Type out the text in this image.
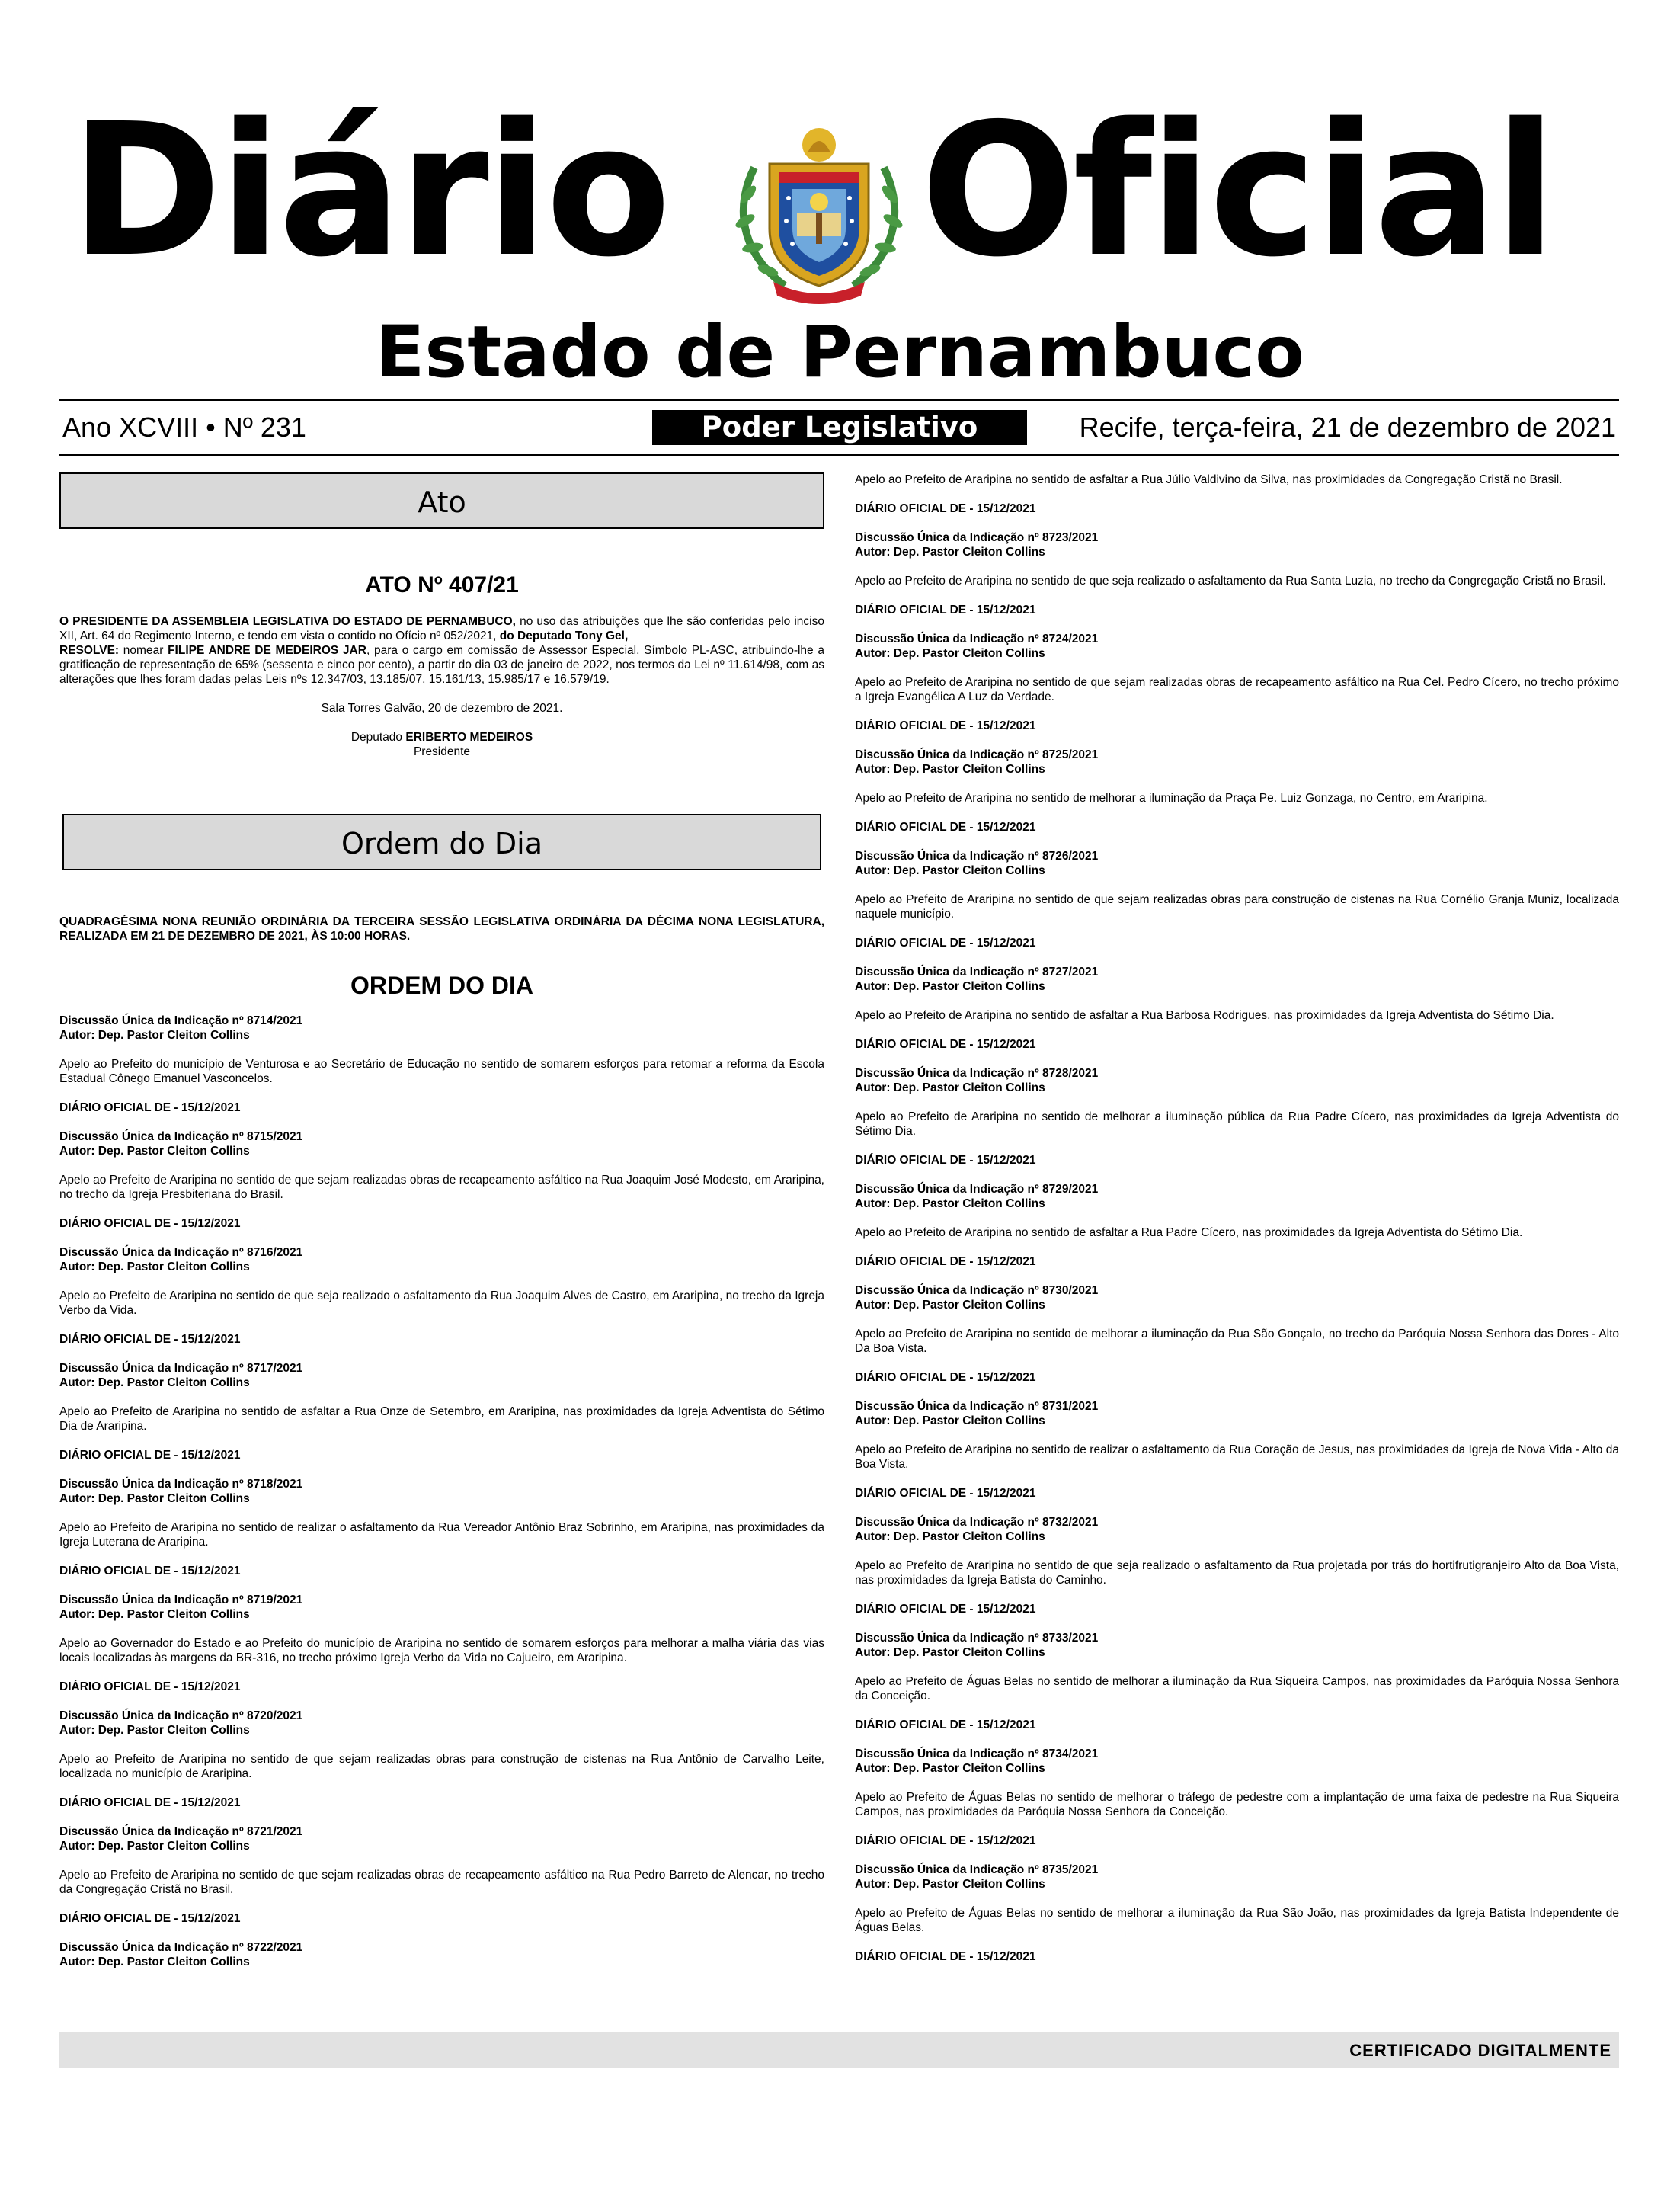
Diário Oficial
Estado de Pernambuco
Ano XCVIII • Nº 231	Poder Legislativo	Recife, terça-feira, 21 de dezembro de 2021
Ato
ATO Nº 407/21

O PRESIDENTE DA ASSEMBLEIA LEGISLATIVA DO ESTADO DE PERNAMBUCO, no uso das atribuições que lhe são conferidas pelo inciso XII, Art. 64 do Regimento Interno, e tendo em vista o contido no Ofício nº 052/2021, do Deputado Tony Gel,

RESOLVE: nomear FILIPE ANDRE DE MEDEIROS JAR, para o cargo em comissão de Assessor Especial, Símbolo PL-ASC, atribuindo-lhe a gratificação de representação de 65% (sessenta e cinco por cento), a partir do dia 03 de janeiro de 2022, nos termos da Lei nº 11.614/98, com as alterações que lhes foram dadas pelas Leis nºs 12.347/03, 13.185/07, 15.161/13, 15.985/17 e 16.579/19.

Sala Torres Galvão, 20 de dezembro de 2021.

Deputado ERIBERTO MEDEIROS

Presidente

Ordem do Dia

QUADRAGÉSIMA NONA REUNIÃO ORDINÁRIA DA TERCEIRA SESSÃO LEGISLATIVA ORDINÁRIA DA DÉCIMA NONA LEGISLATURA, REALIZADA EM 21 DE DEZEMBRO DE 2021, ÀS 10:00 HORAS.

ORDEM DO DIA

Discussão Única da Indicação nº 8714/2021

Autor: Dep. Pastor Cleiton Collins

Apelo ao Prefeito do município de Venturosa e ao Secretário de Educação no sentido de somarem esforços para retomar a reforma da Escola Estadual Cônego Emanuel Vasconcelos.

DIÁRIO OFICIAL DE - 15/12/2021

Discussão Única da Indicação nº 8715/2021

Autor: Dep. Pastor Cleiton Collins

Apelo ao Prefeito de Araripina no sentido de que sejam realizadas obras de recapeamento asfáltico na Rua Joaquim José Modesto, em Araripina, no trecho da Igreja Presbiteriana do Brasil.

DIÁRIO OFICIAL DE - 15/12/2021

Discussão Única da Indicação nº 8716/2021

Autor: Dep. Pastor Cleiton Collins

Apelo ao Prefeito de Araripina no sentido de que seja realizado o asfaltamento da Rua Joaquim Alves de Castro, em Araripina, no trecho da Igreja Verbo da Vida.

DIÁRIO OFICIAL DE - 15/12/2021

Discussão Única da Indicação nº 8717/2021

Autor: Dep. Pastor Cleiton Collins

Apelo ao Prefeito de Araripina no sentido de asfaltar a Rua Onze de Setembro, em Araripina, nas proximidades da Igreja Adventista do Sétimo Dia de Araripina.

DIÁRIO OFICIAL DE - 15/12/2021

Discussão Única da Indicação nº 8718/2021

Autor: Dep. Pastor Cleiton Collins

Apelo ao Prefeito de Araripina no sentido de realizar o asfaltamento da Rua Vereador Antônio Braz Sobrinho, em Araripina, nas proximidades da Igreja Luterana de Araripina.

DIÁRIO OFICIAL DE - 15/12/2021

Discussão Única da Indicação nº 8719/2021

Autor: Dep. Pastor Cleiton Collins

Apelo ao Governador do Estado e ao Prefeito do município de Araripina no sentido de somarem esforços para melhorar a malha viária das vias locais localizadas às margens da BR-316, no trecho próximo Igreja Verbo da Vida no Cajueiro, em Araripina.

DIÁRIO OFICIAL DE - 15/12/2021

Discussão Única da Indicação nº 8720/2021

Autor: Dep. Pastor Cleiton Collins

Apelo ao Prefeito de Araripina no sentido de que sejam realizadas obras para construção de cistenas na Rua Antônio de Carvalho Leite, localizada no município de Araripina.

DIÁRIO OFICIAL DE - 15/12/2021

Discussão Única da Indicação nº 8721/2021

Autor: Dep. Pastor Cleiton Collins

Apelo ao Prefeito de Araripina no sentido de que sejam realizadas obras de recapeamento asfáltico na Rua Pedro Barreto de Alencar, no trecho da Congregação Cristã no Brasil.

DIÁRIO OFICIAL DE - 15/12/2021

Discussão Única da Indicação nº 8722/2021

Autor: Dep. Pastor Cleiton Collins

Apelo ao Prefeito de Araripina no sentido de asfaltar a Rua Júlio Valdivino da Silva, nas proximidades da Congregação Cristã no Brasil.

DIÁRIO OFICIAL DE - 15/12/2021

Discussão Única da Indicação nº 8723/2021

Autor: Dep. Pastor Cleiton Collins

Apelo ao Prefeito de Araripina no sentido de que seja realizado o asfaltamento da Rua Santa Luzia, no trecho da Congregação Cristã no Brasil.

DIÁRIO OFICIAL DE - 15/12/2021

Discussão Única da Indicação nº 8724/2021

Autor: Dep. Pastor Cleiton Collins

Apelo ao Prefeito de Araripina no sentido de que sejam realizadas obras de recapeamento asfáltico na Rua Cel. Pedro Cícero, no trecho próximo a Igreja Evangélica A Luz da Verdade.

DIÁRIO OFICIAL DE - 15/12/2021

Discussão Única da Indicação nº 8725/2021

Autor: Dep. Pastor Cleiton Collins

Apelo ao Prefeito de Araripina no sentido de melhorar a iluminação da Praça Pe. Luiz Gonzaga, no Centro, em Araripina.

DIÁRIO OFICIAL DE - 15/12/2021

Discussão Única da Indicação nº 8726/2021

Autor: Dep. Pastor Cleiton Collins

Apelo ao Prefeito de Araripina no sentido de que sejam realizadas obras para construção de cistenas na Rua Cornélio Granja Muniz, localizada naquele município.

DIÁRIO OFICIAL DE - 15/12/2021

Discussão Única da Indicação nº 8727/2021

Autor: Dep. Pastor Cleiton Collins

Apelo ao Prefeito de Araripina no sentido de asfaltar a Rua Barbosa Rodrigues, nas proximidades da Igreja Adventista do Sétimo Dia.

DIÁRIO OFICIAL DE - 15/12/2021

Discussão Única da Indicação nº 8728/2021

Autor: Dep. Pastor Cleiton Collins

Apelo ao Prefeito de Araripina no sentido de melhorar a iluminação pública da Rua Padre Cícero, nas proximidades da Igreja Adventista do Sétimo Dia.

DIÁRIO OFICIAL DE - 15/12/2021

Discussão Única da Indicação nº 8729/2021

Autor: Dep. Pastor Cleiton Collins

Apelo ao Prefeito de Araripina no sentido de asfaltar a Rua Padre Cícero, nas proximidades da Igreja Adventista do Sétimo Dia.

DIÁRIO OFICIAL DE - 15/12/2021

Discussão Única da Indicação nº 8730/2021

Autor: Dep. Pastor Cleiton Collins

Apelo ao Prefeito de Araripina no sentido de melhorar a iluminação da Rua São Gonçalo, no trecho da Paróquia Nossa Senhora das Dores - Alto Da Boa Vista.

DIÁRIO OFICIAL DE - 15/12/2021

Discussão Única da Indicação nº 8731/2021

Autor: Dep. Pastor Cleiton Collins

Apelo ao Prefeito de Araripina no sentido de realizar o asfaltamento da Rua Coração de Jesus, nas proximidades da Igreja de Nova Vida - Alto da Boa Vista.

DIÁRIO OFICIAL DE - 15/12/2021

Discussão Única da Indicação nº 8732/2021

Autor: Dep. Pastor Cleiton Collins

Apelo ao Prefeito de Araripina no sentido de que seja realizado o asfaltamento da Rua projetada por trás do hortifrutigranjeiro Alto da Boa Vista, nas proximidades da Igreja Batista do Caminho.

DIÁRIO OFICIAL DE - 15/12/2021

Discussão Única da Indicação nº 8733/2021

Autor: Dep. Pastor Cleiton Collins

Apelo ao Prefeito de Águas Belas no sentido de melhorar a iluminação da Rua Siqueira Campos, nas proximidades da Paróquia Nossa Senhora da Conceição.

DIÁRIO OFICIAL DE - 15/12/2021

Discussão Única da Indicação nº 8734/2021

Autor: Dep. Pastor Cleiton Collins

Apelo ao Prefeito de Águas Belas no sentido de melhorar o tráfego de pedestre com a implantação de uma faixa de pedestre na Rua Siqueira Campos, nas proximidades da Paróquia Nossa Senhora da Conceição.

DIÁRIO OFICIAL DE - 15/12/2021

Discussão Única da Indicação nº 8735/2021

Autor: Dep. Pastor Cleiton Collins

Apelo ao Prefeito de Águas Belas no sentido de melhorar a iluminação da Rua São João, nas proximidades da Igreja Batista Independente de Águas Belas.

DIÁRIO OFICIAL DE - 15/12/2021

CERTIFICADO DIGITALMENTE
